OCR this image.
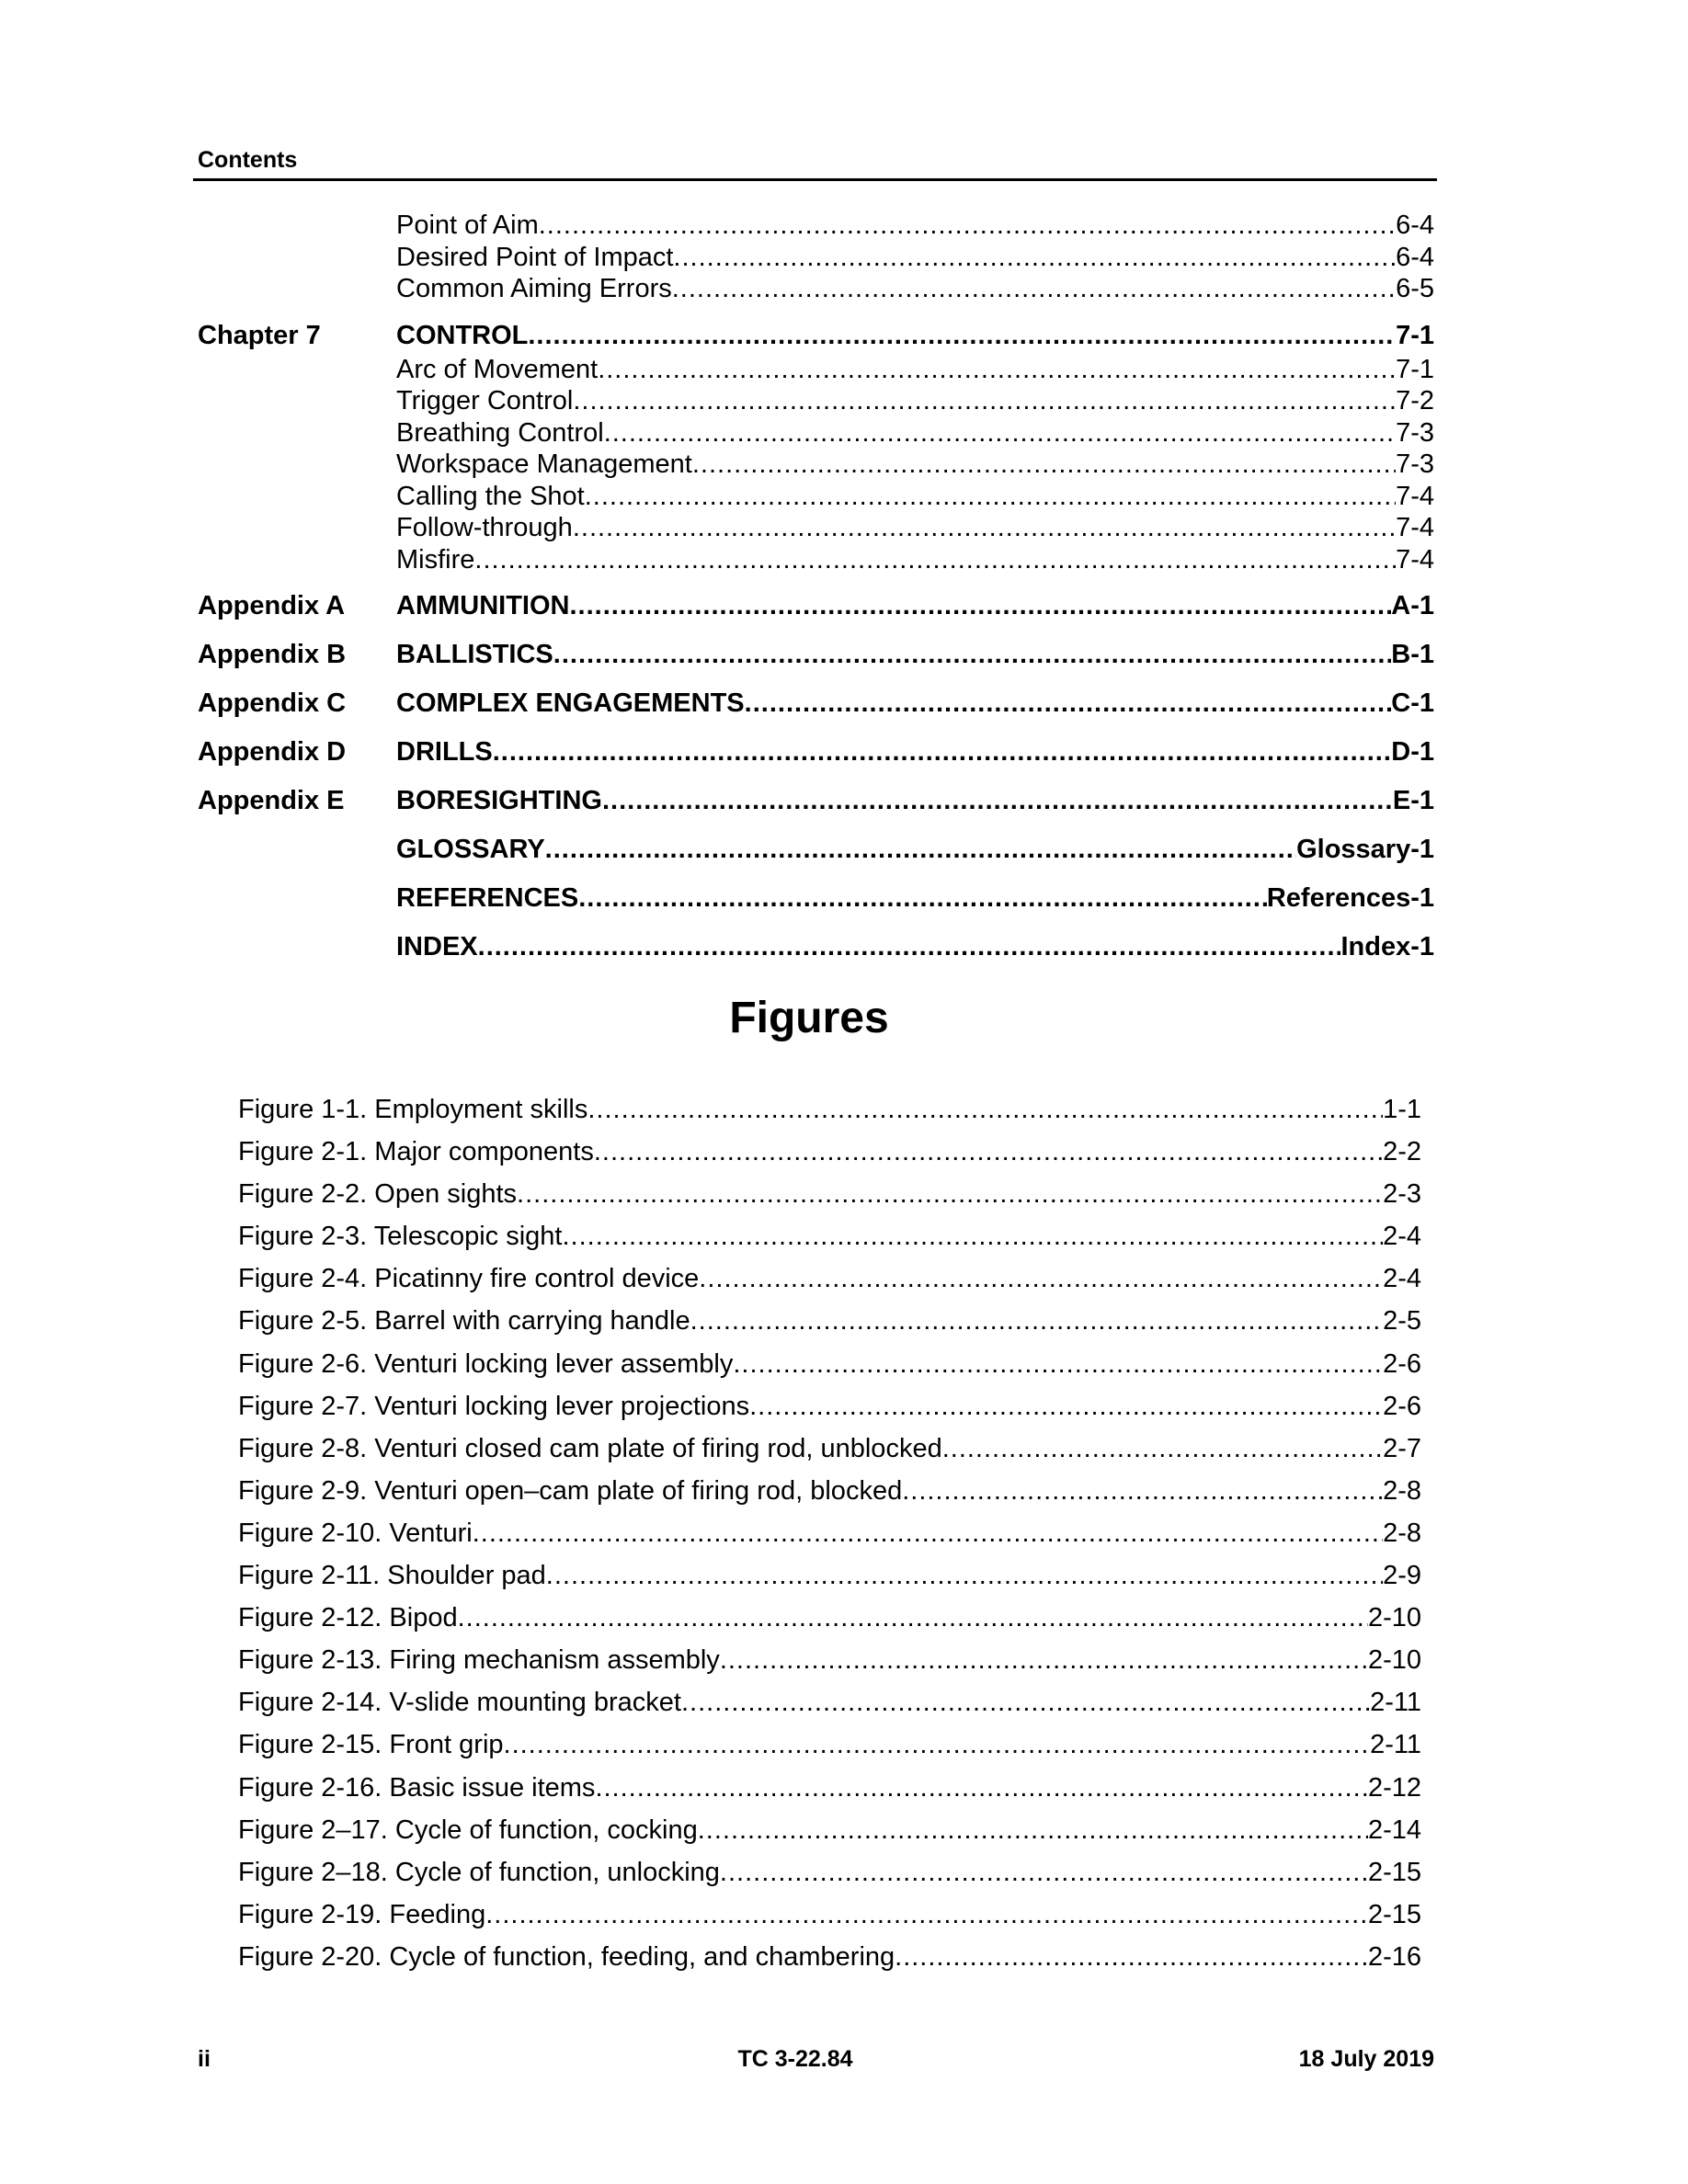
Contents
Point of Aim .....	6-4
Desired Point of Impact .....	6-4
Common Aiming Errors .....	6-5
Chapter 7	CONTROL .....	7-1
Arc of Movement .....	7-1
Trigger Control .....	7-2
Breathing Control .....	7-3
Workspace Management .....	7-3
Calling the Shot .....	7-4
Follow-through .....	7-4
Misfire .....	7-4
Appendix A AMMUNITION .....	A-1
Appendix B BALLISTICS .....	B-1
Appendix C COMPLEX ENGAGEMENTS .....	C-1
Appendix D DRILLS .....	D-1
Appendix E BORESIGHTING .....	E-1
GLOSSARY .....	Glossary-1
REFERENCES .....	References-1
INDEX .....	Index-1
Figures
Figure 1-1. Employment skills .....	1-1
Figure 2-1. Major components .....	2-2
Figure 2-2. Open sights .....	2-3
Figure 2-3. Telescopic sight .....	2-4
Figure 2-4. Picatinny fire control device .....	2-4
Figure 2-5. Barrel with carrying handle .....	2-5
Figure 2-6. Venturi locking lever assembly .....	2-6
Figure 2-7. Venturi locking lever projections .....	2-6
Figure 2-8. Venturi closed cam plate of firing rod, unblocked .....	2-7
Figure 2-9. Venturi open–cam plate of firing rod, blocked .....	2-8
Figure 2-10. Venturi .....	2-8
Figure 2-11. Shoulder pad .....	2-9
Figure 2-12. Bipod .....	2-10
Figure 2-13. Firing mechanism assembly .....	2-10
Figure 2-14. V-slide mounting bracket .....	2-11
Figure 2-15. Front grip .....	2-11
Figure 2-16. Basic issue items .....	2-12
Figure 2–17. Cycle of function, cocking .....	2-14
Figure 2–18. Cycle of function, unlocking .....	2-15
Figure 2-19. Feeding .....	2-15
Figure 2-20. Cycle of function, feeding, and chambering .....	2-16
ii	TC 3-22.84	18 July 2019
